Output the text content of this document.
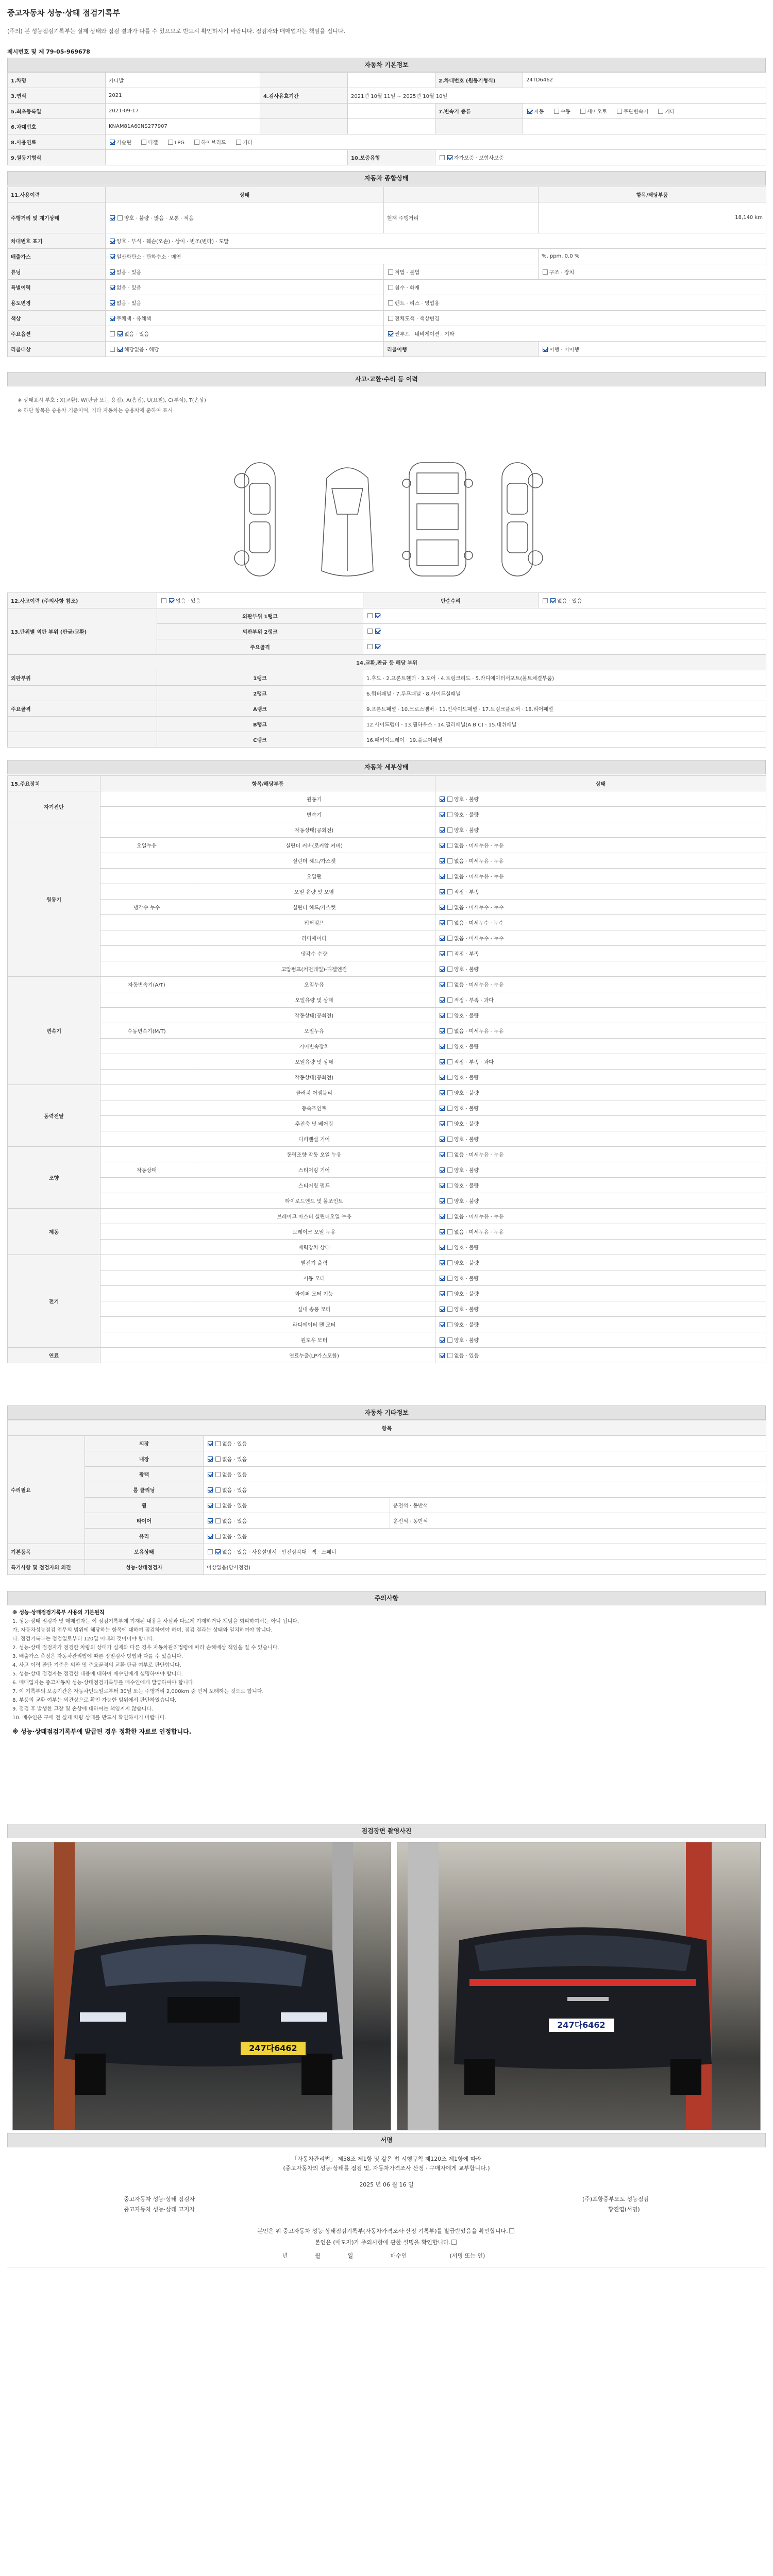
중고자동차 성능·상태 점검기록부
(주의) 본 성능점검기록부는 실제 상태와 점검 결과가 다를 수 있으므로 반드시 확인하시기 바랍니다. 점검자와 매매업자는 책임을 집니다.
제시번호 및 제 79-05-969678
자동차 기본정보
1.차명	카니발			2.차대번호 (원동기형식)	24TD6462
3.연식	2021	4.검사유효기간	2021년 10월 11일 ~ 2025년 10월 10일		
5.최초등록일	2021-09-17			7.변속기 종류	자동 수동 세미오토 무단변속기 기타
6.차대번호	KNAM81A60NS277907				
8.사용연료	가솔린 디젤 LPG 하이브리드 기타				
9.원동기형식			10.보증유형	자가보증 · 보험사보증	
자동차 종합상태
11.사용이력	상태		항목/해당부품
주행거리 및 계기상태	양호 · 불량 · 많음 · 보통 · 적음	현재 주행거리	18,140 km
차대번호 표기	양호 · 부식 · 훼손(오손) · 상이 · 변조(변타) · 도말		
배출가스	일산화탄소 · 탄화수소 · 매연		%, ppm, 0.0 %
튜닝	없음 · 있음	적법 · 불법	구조 · 장치
특별이력	없음 · 있음	침수 · 화재	
용도변경	없음 · 있음	렌트 · 리스 · 영업용	
색상	무채색 · 유채색	전체도색 · 색상변경	
주요옵션	없음 · 있음	썬루프 · 네비게이션 · 기타	
리콜대상	해당없음 · 해당	리콜이행	이행 · 미이행
사고·교환·수리 등 이력
※ 상태표시 부호 : X(교환), W(판금 또는 용접), A(흠집), U(요철), C(부식), T(손상)
※ 하단 항목은 승용차 기준이며, 기타 자동차는 승용차에 준하여 표시
12.사고이력 (주의사항 참조)	없음 · 있음	단순수리	없음 · 있음
13.단위별 외판 부위 (판금/교환)	외판부위 1랭크		
	외판부위 2랭크		
	주요골격		
14.교환,판금 등 해당 부위			
외판부위	1랭크	1.후드 · 2.프론트휀더 · 3.도어 · 4.트렁크리드 · 5.라디에이터서포트(볼트체결부품)	
	2랭크	6.쿼터패널 · 7.루프패널 · 8.사이드실패널	
주요골격	A랭크	9.프론트패널 · 10.크로스멤버 · 11.인사이드패널 · 17.트렁크플로어 · 18.리어패널	
	B랭크	12.사이드멤버 · 13.휠하우스 · 14.필러패널(A B C) · 15.대쉬패널	
	C랭크	16.패키지트레이 · 19.플로어패널	
자동차 세부상태
15.주요장치	항목/해당부품		상태
자기진단		원동기	양호 · 불량
		변속기	양호 · 불량
원동기		작동상태(공회전)	양호 · 불량
	오일누유	실린더 커버(로커암 커버)	없음 · 미세누유 · 누유
		실린더 헤드/가스켓	없음 · 미세누유 · 누유
		오일팬	없음 · 미세누유 · 누유
		오일 유량 및 오염	적정 · 부족
	냉각수 누수	실린더 헤드/가스켓	없음 · 미세누수 · 누수
		워터펌프	없음 · 미세누수 · 누수
		라디에이터	없음 · 미세누수 · 누수
		냉각수 수량	적정 · 부족
		고압펌프(커먼레일)-디젤엔진	양호 · 불량
변속기	자동변속기(A/T)	오일누유	없음 · 미세누유 · 누유
		오일유량 및 상태	적정 · 부족 · 과다
		작동상태(공회전)	양호 · 불량
	수동변속기(M/T)	오일누유	없음 · 미세누유 · 누유
		기어변속장치	양호 · 불량
		오일유량 및 상태	적정 · 부족 · 과다
		작동상태(공회전)	양호 · 불량
동력전달		클러치 어셈블리	양호 · 불량
		등속조인트	양호 · 불량
		추진축 및 베어링	양호 · 불량
		디퍼렌셜 기어	양호 · 불량
조향		동력조향 작동 오일 누유	없음 · 미세누유 · 누유
	작동상태	스티어링 기어	양호 · 불량
		스티어링 펌프	양호 · 불량
		타이로드엔드 및 볼조인트	양호 · 불량
제동		브레이크 마스터 실린더오일 누유	없음 · 미세누유 · 누유
		브레이크 오일 누유	없음 · 미세누유 · 누유
		배력장치 상태	양호 · 불량
전기		발전기 출력	양호 · 불량
		시동 모터	양호 · 불량
		와이퍼 모터 기능	양호 · 불량
		실내 송풍 모터	양호 · 불량
		라디에이터 팬 모터	양호 · 불량
		윈도우 모터	양호 · 불량
연료		연료누출(LP가스포함)	없음 · 있음
자동차 기타정보
항목			
수리필요	외장	없음 · 있음	
	내장	없음 · 있음	
	광택	없음 · 있음	
	룸 클리닝	없음 · 있음	
	휠	없음 · 있음	운전석 · 동반석
	타이어	없음 · 있음	운전석 · 동반석
	유리	없음 · 있음	
기본품목	보유상태	없음 · 있음 · 사용설명서 · 안전삼각대 · 잭 · 스패너	
특기사항 및 점검자의 의견	성능·상태점검자	이상없음(당사점검)	
주의사항
※ 성능·상태점검기록부 사용의 기본원칙
1. 성능·상태 점검자 및 매매업자는 이 점검기록부에 기재된 내용을 사실과 다르게 기재하거나 책임을 회피하여서는 아니 됩니다.
가. 자동차성능점검 업무의 범위에 해당하는 항목에 대하여 점검하여야 하며, 점검 결과는 상태와 일치하여야 합니다.
나. 점검기록부는 점검일로부터 120일 이내의 것이어야 합니다.
2. 성능·상태 점검자가 점검한 차량의 상태가 실제와 다른 경우 자동차관리법령에 따라 손해배상 책임을 질 수 있습니다.
3. 배출가스 측정은 자동차관리법에 따른 정밀검사 방법과 다를 수 있습니다.
4. 사고 이력 판단 기준은 외판 및 주요골격의 교환·판금 여부로 판단합니다.
5. 성능·상태 점검자는 점검한 내용에 대하여 매수인에게 설명하여야 합니다.
6. 매매업자는 중고자동차 성능·상태점검기록부를 매수인에게 발급하여야 합니다.
7. 이 기록부의 보증기간은 자동차인도일로부터 30일 또는 주행거리 2,000km 중 먼저 도래하는 것으로 합니다.
8. 부품의 교환 여부는 외관상으로 확인 가능한 범위에서 판단하였습니다.
9. 점검 후 발생한 고장 및 손상에 대하여는 책임지지 않습니다.
10. 매수인은 구매 전 실제 차량 상태를 반드시 확인하시기 바랍니다.
※ 성능·상태점검기록부에 발급된 경우 정확한 자료로 인정합니다.
점검장면 촬영사진
247다6462
247다6462
서명
「자동차관리법」 제58조 제1항 및 같은 법 시행규칙 제120조 제1항에 따라
(중고자동차의 성능·상태를 점검 및, 자동차가격조사·산정 · 구매자에게 교부합니다.)
2025 년 06 월 16 일
중고자동차 성능·상태 점검자	(주)포항중부오토 성능점검
중고자동차 성능·상태 고지자	황진엽(서명)
본인은 위 중고자동차 성능·상태점검기록부(자동차가격조사·산정 기록부)를 발급받았음을 확인합니다.
본인은 (매도자)가 주의사항에 관한 설명을 확인합니다.
년	월	일	매수인	(서명 또는 인)
